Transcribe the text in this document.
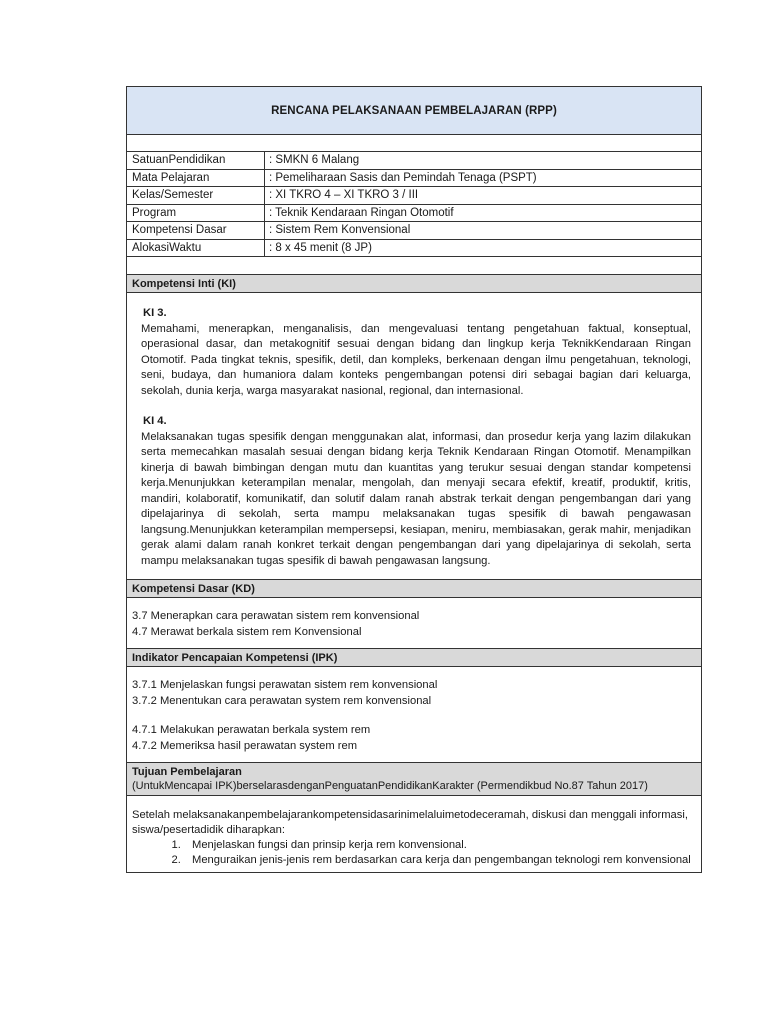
RENCANA PELAKSANAAN PEMBELAJARAN (RPP)
SatuanPendidikan	: SMKN 6 Malang
Mata Pelajaran	: Pemeliharaan Sasis dan Pemindah Tenaga (PSPT)
Kelas/Semester	: XI TKRO 4 – XI TKRO 3 / III
Program	: Teknik Kendaraan Ringan Otomotif
Kompetensi Dasar	: Sistem Rem Konvensional
AlokasiWaktu	: 8 x 45 menit (8 JP)
Kompetensi Inti (KI)
KI 3.

Memahami, menerapkan, menganalisis, dan mengevaluasi tentang pengetahuan faktual, konseptual, operasional dasar, dan metakognitif sesuai dengan bidang dan lingkup kerja TeknikKendaraan Ringan Otomotif. Pada tingkat teknis, spesifik, detil, dan kompleks, berkenaan dengan ilmu pengetahuan, teknologi, seni, budaya, dan humaniora dalam konteks pengembangan potensi diri sebagai bagian dari keluarga, sekolah, dunia kerja, warga masyarakat nasional, regional, dan internasional.

KI 4.

Melaksanakan tugas spesifik dengan menggunakan alat, informasi, dan prosedur kerja yang lazim dilakukan serta memecahkan masalah sesuai dengan bidang kerja Teknik Kendaraan Ringan Otomotif. Menampilkan kinerja di bawah bimbingan dengan mutu dan kuantitas yang terukur sesuai dengan standar kompetensi kerja.Menunjukkan keterampilan menalar, mengolah, dan menyaji secara efektif, kreatif, produktif, kritis, mandiri, kolaboratif, komunikatif, dan solutif dalam ranah abstrak terkait dengan pengembangan dari yang dipelajarinya di sekolah, serta mampu melaksanakan tugas spesifik di bawah pengawasan langsung.Menunjukkan keterampilan mempersepsi, kesiapan, meniru, membiasakan, gerak mahir, menjadikan gerak alami dalam ranah konkret terkait dengan pengembangan dari yang dipelajarinya di sekolah, serta mampu melaksanakan tugas spesifik di bawah pengawasan langsung.

Kompetensi Dasar (KD)
3.7 Menerapkan cara perawatan sistem rem konvensional
4.7 Merawat berkala sistem rem Konvensional
Indikator Pencapaian Kompetensi (IPK)
3.7.1 Menjelaskan fungsi perawatan sistem rem konvensional
3.7.2 Menentukan cara perawatan system rem konvensional
4.7.1 Melakukan perawatan berkala system rem
4.7.2 Memeriksa hasil perawatan system rem
Tujuan Pembelajaran
(UntukMencapai IPK)berselarasdenganPenguatanPendidikanKarakter (Permendikbud No.87 Tahun 2017)
Setelah melaksanakanpembelajarankompetensidasarinimelaluimetodeceramah, diskusi dan menggali informasi, siswa/pesertadidik diharapkan:
1. Menjelaskan fungsi dan prinsip kerja rem konvensional.
2. Menguraikan jenis-jenis rem berdasarkan cara kerja dan pengembangan teknologi rem konvensional
